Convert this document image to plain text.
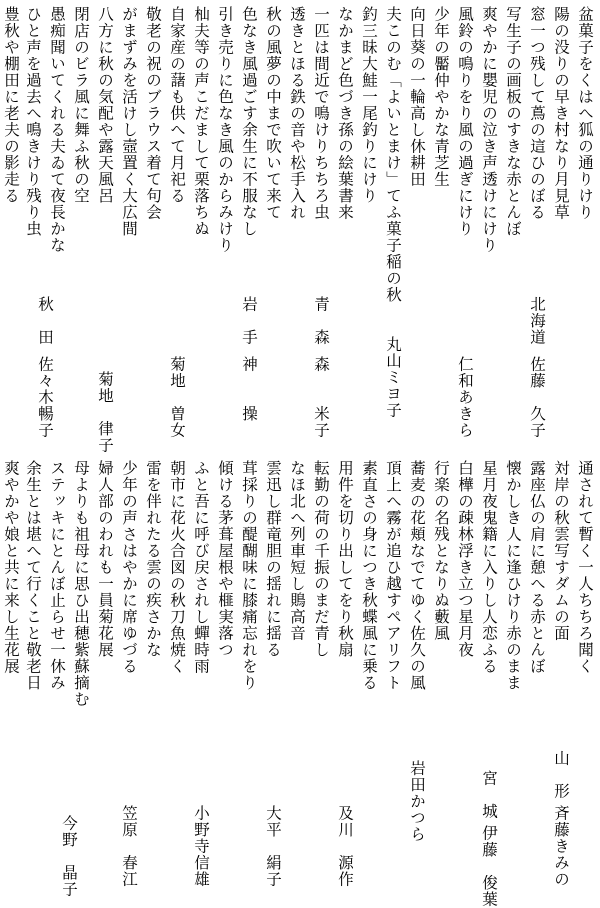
盆菓子をくはへ狐の通りけり
陽の没りの早き村なり月見草
窓一つ残して蔦の這ひのぼる
写生子の画板のすきな赤とんぼ
爽やかに嬰児の泣き声透けにけり
風鈴の鳴りをり風の過ぎにけり
少年の靨仲やかな青芝生
向日葵の一輪高し休耕田
夫このむ「よいとまけ」てふ菓子稲の秋
釣三昧大鮭一尾釣りにけり
なかまど色づき孫の絵葉書来
一匹は間近で鳴けりちちろ虫
透きとほる鉄の音や松手入れ
秋の風夢の中まで吹いて来て
色なき風過ごす余生に不服なし
引き売りに色なき風のからみけり
杣夫等の声こだまして栗落ちぬ
自家産の藷も供へて月祀る
敬老の祝のブラウス着て句会
がまずみを活けし壼置く大広間
八方に秋の気配や露天風呂
閉店のビラ風に舞ふ秋の空
愚痴聞いてくれる夫ゐて夜長かな
ひと声を過去へ鳴きけり残り虫
豊秋や棚田に老夫の影走る
北海道
佐藤　久子
仁和あきら
丸山ミヨ子
青　森
森　　米子
岩　手
神　　操
菊地　曽女
菊地　律子
秋　田
佐々木暢子
通されて暫く一人ちちろ聞く
対岸の秋雲写すダムの面
露座仏の肩に憩へる赤とんぼ
懐かしき人に逢ひけり赤のまま
星月夜鬼籍に入りし人恋ふる
白樺の疎林浮き立つ星月夜
行楽の名残となりぬ藪風
蕎麦の花頬なでてゆく佐久の風
頂上へ霧が追ひ越すペアリフト
素直さの身につき秋蝶風に乗る
用件を切り出してをり秋扇
転勤の荷の千振のまだ青し
なほ北へ列車短し鵙高音
雲迅し群竜胆の揺れに揺る
茸採りの醍醐味に膝痛忘れをり
傾ける茅葺屋根や榧実落つ
ふと吾に呼び戻されし蟬時雨
朝市に花火合図の秋刀魚焼く
雷を伴れたる雲の疾さかな
少年の声さはやかに席ゆづる
婦人部のわれも一員菊花展
母よりも祖母に思ひ出穂紫蘇摘む
ステッキにとんぼ止らせ一休み
余生とは堪へて行くこと敬老日
爽やかや娘と共に来し生花展
山　形
斉藤きみの
宮　城
伊藤　俊葉
岩田かつら
及川　源作
大平　絹子
小野寺信雄
笠原　春江
今野　晶子
